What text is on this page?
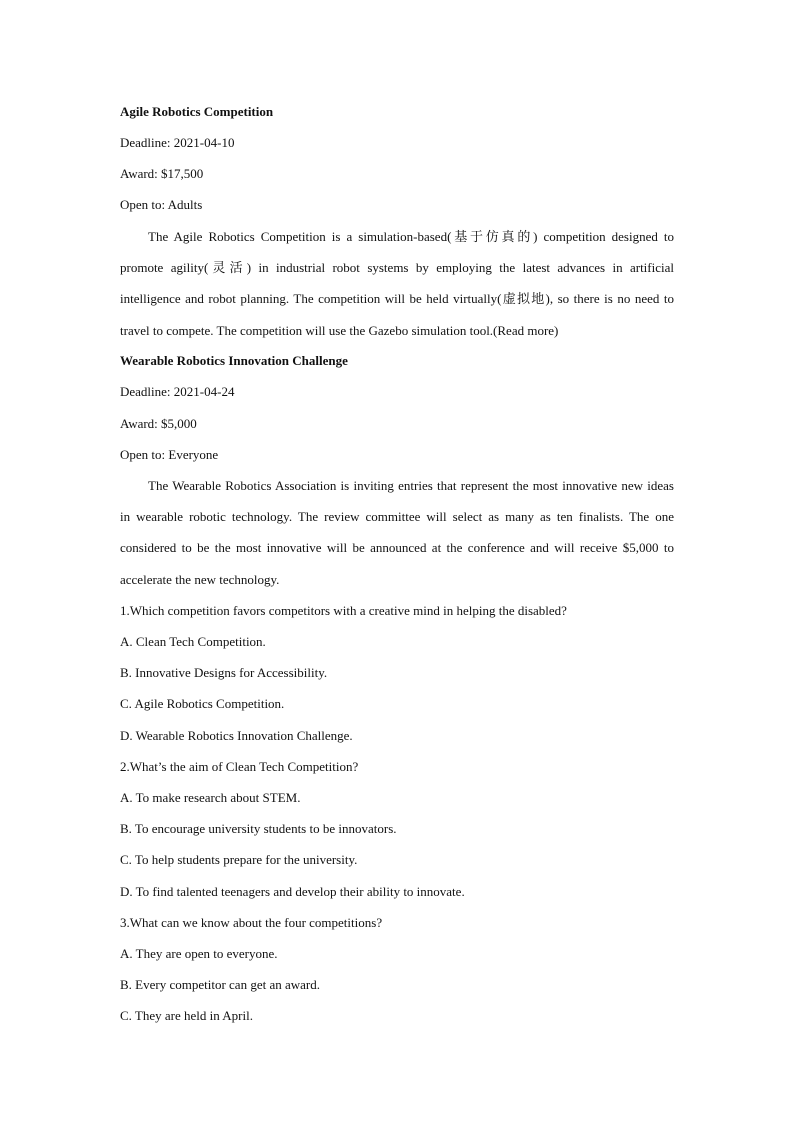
Agile Robotics Competition
Deadline: 2021-04-10
Award: $17,500
Open to: Adults
The Agile Robotics Competition is a simulation-based(基于仿真的) competition designed to promote agility(灵活) in industrial robot systems by employing the latest advances in artificial intelligence and robot planning. The competition will be held virtually(虚拟地), so there is no need to travel to compete. The competition will use the Gazebo simulation tool.(Read more)
Wearable Robotics Innovation Challenge
Deadline: 2021-04-24
Award: $5,000
Open to: Everyone
The Wearable Robotics Association is inviting entries that represent the most innovative new ideas in wearable robotic technology. The review committee will select as many as ten finalists. The one considered to be the most innovative will be announced at the conference and will receive $5,000 to accelerate the new technology.
1.Which competition favors competitors with a creative mind in helping the disabled?
A. Clean Tech Competition.
B. Innovative Designs for Accessibility.
C. Agile Robotics Competition.
D. Wearable Robotics Innovation Challenge.
2.What’s the aim of Clean Tech Competition?
A. To make research about STEM.
B. To encourage university students to be innovators.
C. To help students prepare for the university.
D. To find talented teenagers and develop their ability to innovate.
3.What can we know about the four competitions?
A. They are open to everyone.
B. Every competitor can get an award.
C. They are held in April.
